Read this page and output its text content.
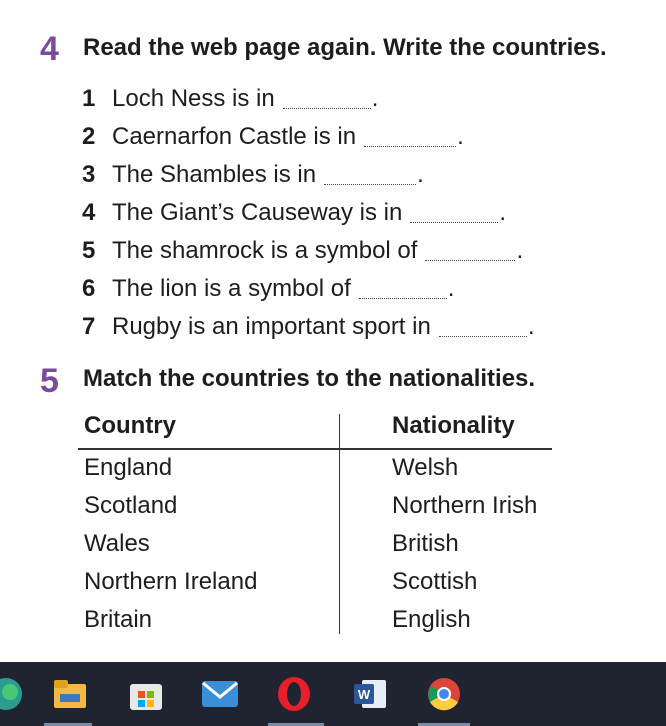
4 Read the web page again. Write the countries.
1 Loch Ness is in	.
2 Caernarfon Castle is in	.
3 The Shambles is in	.
4 The Giant’s Causeway is in	.
5 The shamrock is a symbol of	.
6 The lion is a symbol of	.
7 Rugby is an important sport in	.
5 Match the countries to the nationalities.
Country	Nationality
England	Welsh
Scotland	Northern Irish
Wales	British
Northern Ireland	Scottish
Britain	English
W
